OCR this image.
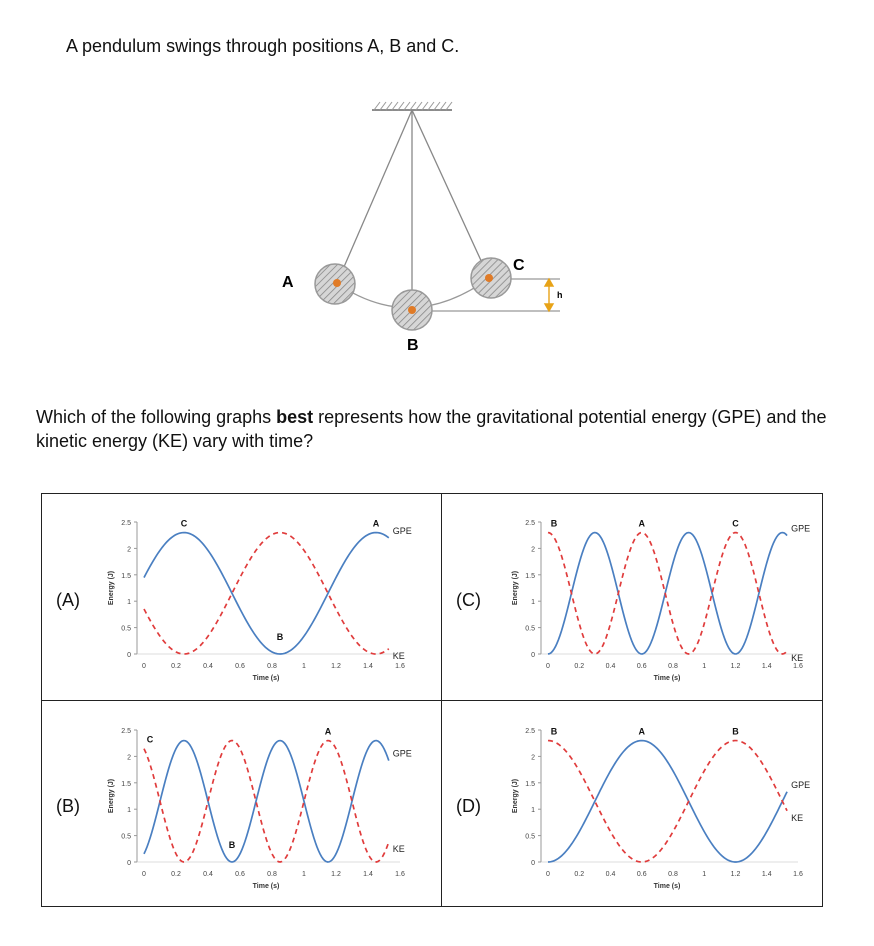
A pendulum swings through positions A, B and C.
h
A
B
C
Which of the following graphs best represents how the gravitational potential energy (GPE) and the kinetic energy (KE) vary with time?
(A)	(C)
(B)	(D)
0
0.5
1
1.5
2
2.5
0	0.2	0.4	0.6	0.8	1	1.2	1.4	1.6
Energy (J)
Time (s)
GPE
KE
C
B
A
0
0.5
1
1.5
2
2.5
0	0.2	0.4	0.6	0.8	1	1.2	1.4	1.6
Energy (J)
Time (s)
GPE
KE
B	A	C
0
0.5
1
1.5
2
2.5
0	0.2	0.4	0.6	0.8	1	1.2	1.4	1.6
Energy (J)
Time (s)
GPE
KE
C
B
A
0
0.5
1
1.5
2
2.5
0	0.2	0.4	0.6	0.8	1	1.2	1.4	1.6
Energy (J)
Time (s)
GPE
KE
B	A	B
